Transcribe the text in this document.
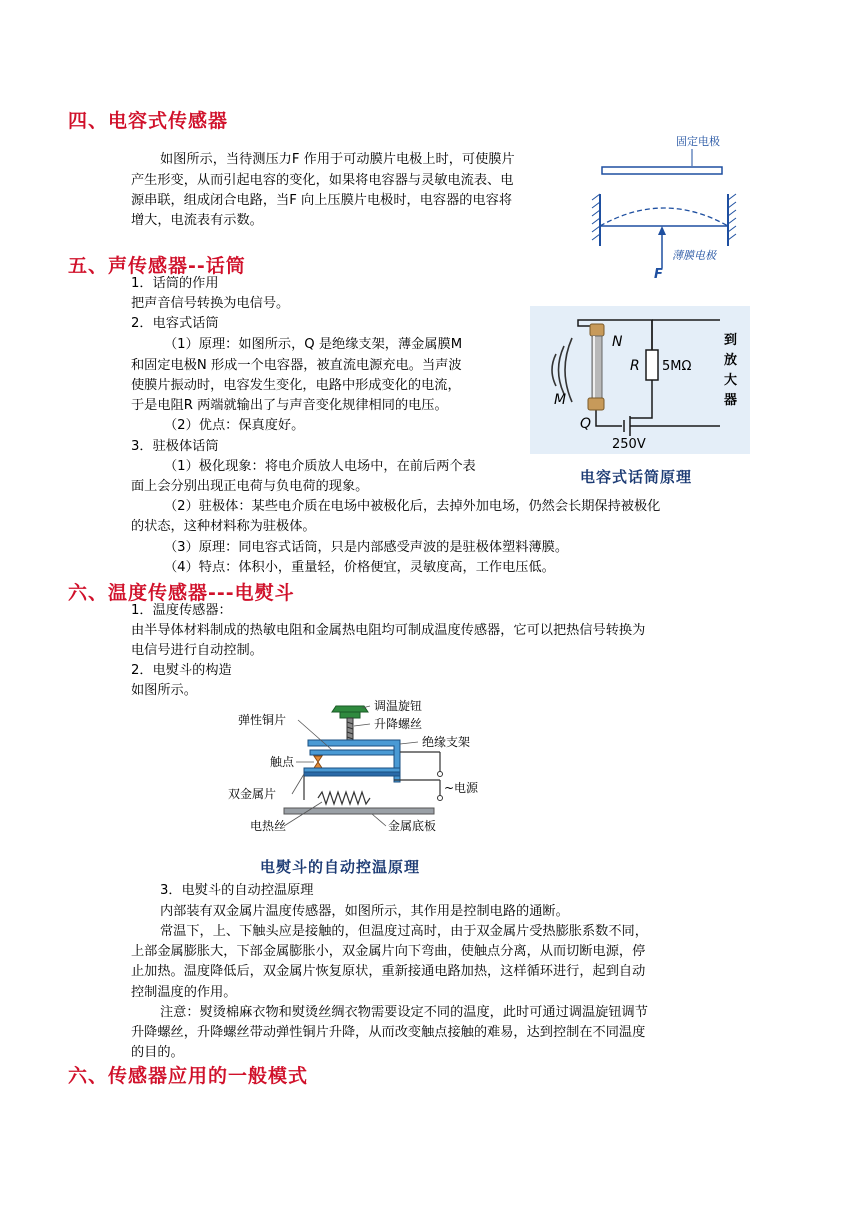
四、电容式传感器
如图所示，当待测压力F 作用于可动膜片电极上时，可使膜片
产生形变，从而引起电容的变化，如果将电容器与灵敏电流表、电
源串联，组成闭合电路，当F 向上压膜片电极时，电容器的电容将
增大，电流表有示数。
固定电极
薄膜电极
F
五、声传感器--话筒
1．话筒的作用
把声音信号转换为电信号。
2．电容式话筒
（1）原理：如图所示，Q 是绝缘支架，薄金属膜M
和固定电极N 形成一个电容器，被直流电源充电。当声波
使膜片振动时，电容发生变化，电路中形成变化的电流，
于是电阻R 两端就输出了与声音变化规律相同的电压。
（2）优点：保真度好。
3．驻极体话筒
（1）极化现象：将电介质放人电场中，在前后两个表
面上会分别出现正电荷与负电荷的现象。
（2）驻极体：某些电介质在电场中被极化后，去掉外加电场，仍然会长期保持被极化
的状态，这种材料称为驻极体。
（3）原理：同电容式话筒，只是内部感受声波的是驻极体塑料薄膜。
（4）特点：体积小，重量轻，价格便宜，灵敏度高，工作电压低。
N
M
Q
R 5MΩ
250V
到
放
大
器
电容式话筒原理
六、温度传感器---电熨斗
1．温度传感器：
由半导体材料制成的热敏电阻和金属热电阻均可制成温度传感器，它可以把热信号转换为
电信号进行自动控制。
2．电熨斗的构造
如图所示。
调温旋钮
升降螺丝
绝缘支架
弹性铜片
触点
双金属片	~电源
电热丝	金属底板
电熨斗的自动控温原理
3．电熨斗的自动控温原理
内部装有双金属片温度传感器，如图所示，其作用是控制电路的通断。
常温下，上、下触头应是接触的，但温度过高时，由于双金属片受热膨胀系数不同，
上部金属膨胀大，下部金属膨胀小，双金属片向下弯曲，使触点分离，从而切断电源，停
止加热。温度降低后，双金属片恢复原状，重新接通电路加热，这样循环进行，起到自动
控制温度的作用。
注意：熨烫棉麻衣物和熨烫丝绸衣物需要设定不同的温度，此时可通过调温旋钮调节
升降螺丝，升降螺丝带动弹性铜片升降，从而改变触点接触的难易，达到控制在不同温度
的目的。
六、传感器应用的一般模式
